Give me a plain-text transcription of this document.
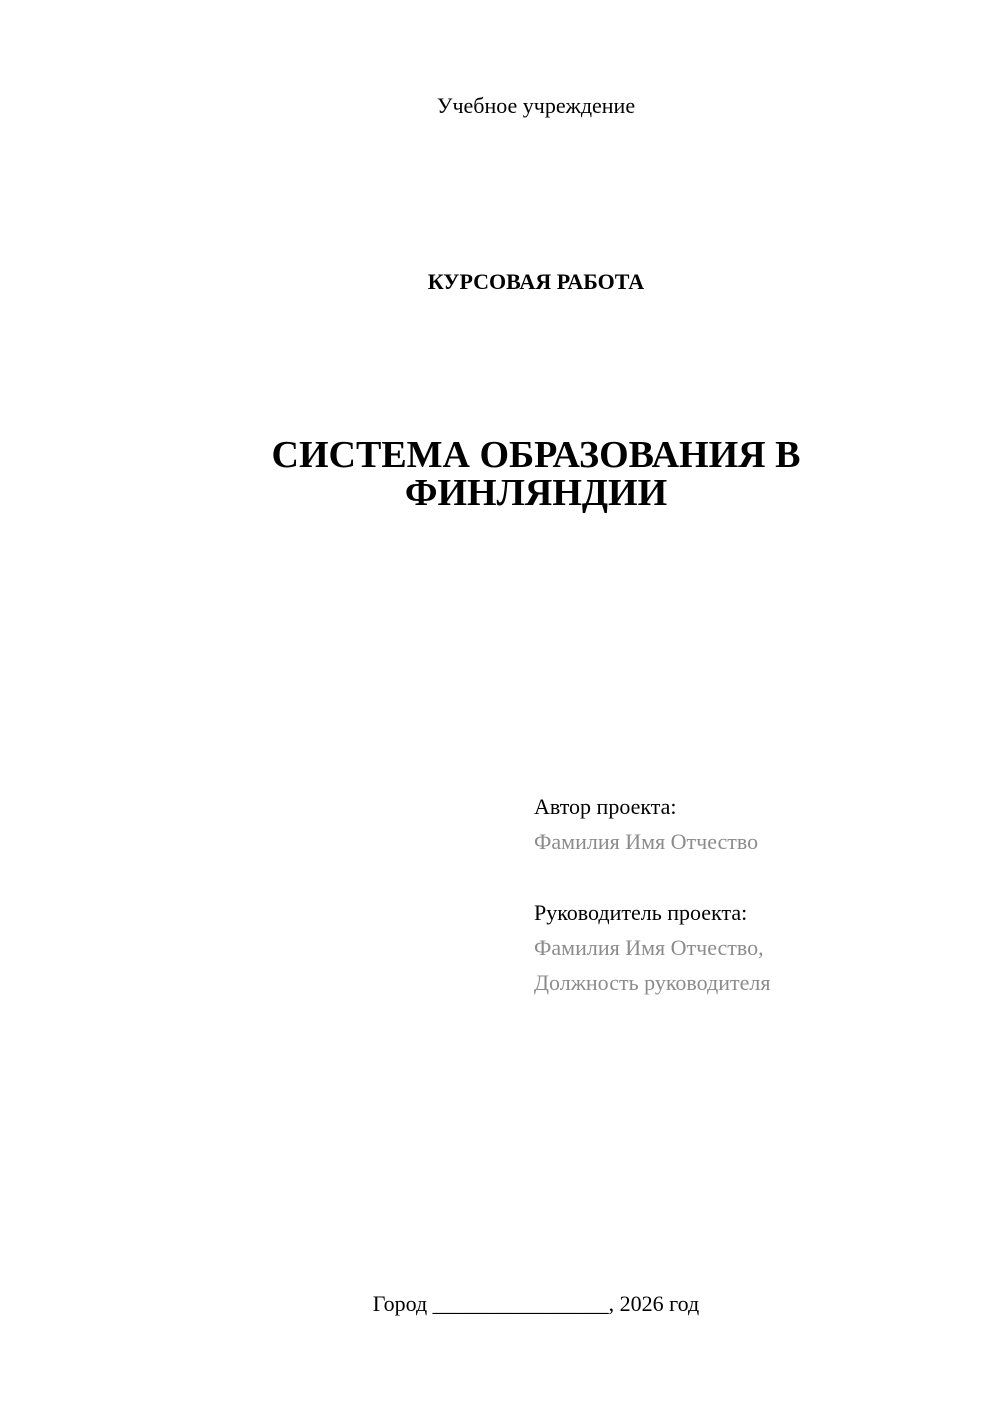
Учебное учреждение
КУРСОВАЯ РАБОТА
СИСТЕМА ОБРАЗОВАНИЯ В
ФИНЛЯНДИИ
Автор проекта:
Фамилия Имя Отчество
Руководитель проекта:
Фамилия Имя Отчество,
Должность руководителя
Город ________________, 2026 год
